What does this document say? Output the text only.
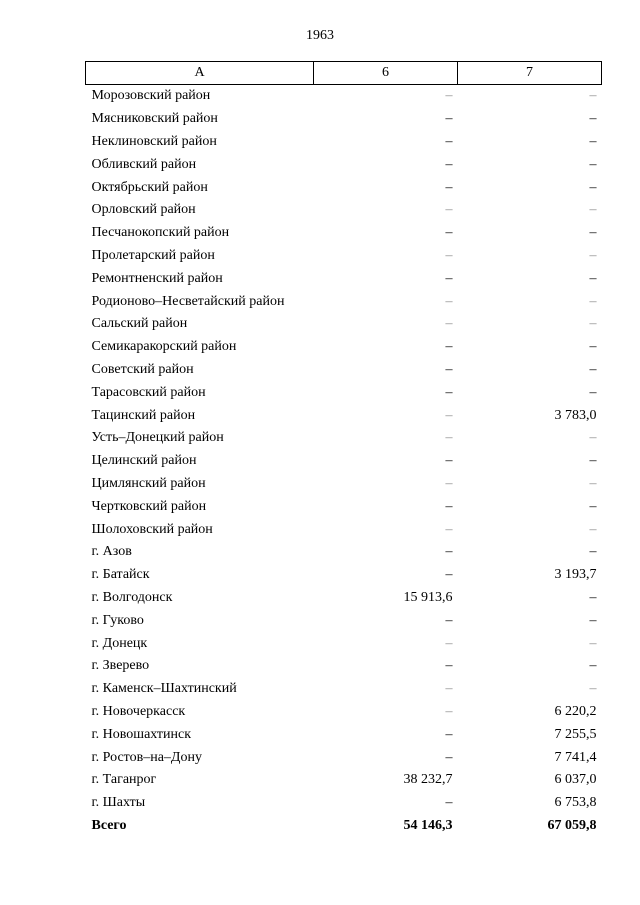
1963
А	6	7
Морозовский район	–	–
Мясниковский район	–	–
Неклиновский район	–	–
Обливский район	–	–
Октябрьский район	–	–
Орловский район	–	–
Песчанокопский район	–	–
Пролетарский район	–	–
Ремонтненский район	–	–
Родионово–Несветайский район	–	–
Сальский район	–	–
Семикаракорский район	–	–
Советский район	–	–
Тарасовский район	–	–
Тацинский район	–	3 783,0
Усть–Донецкий район	–	–
Целинский район	–	–
Цимлянский район	–	–
Чертковский район	–	–
Шолоховский район	–	–
г. Азов	–	–
г. Батайск	–	3 193,7
г. Волгодонск	15 913,6	–
г. Гуково	–	–
г. Донецк	–	–
г. Зверево	–	–
г. Каменск–Шахтинский	–	–
г. Новочеркасск	–	6 220,2
г. Новошахтинск	–	7 255,5
г. Ростов–на–Дону	–	7 741,4
г. Таганрог	38 232,7	6 037,0
г. Шахты	–	6 753,8
Всего	54 146,3	67 059,8
